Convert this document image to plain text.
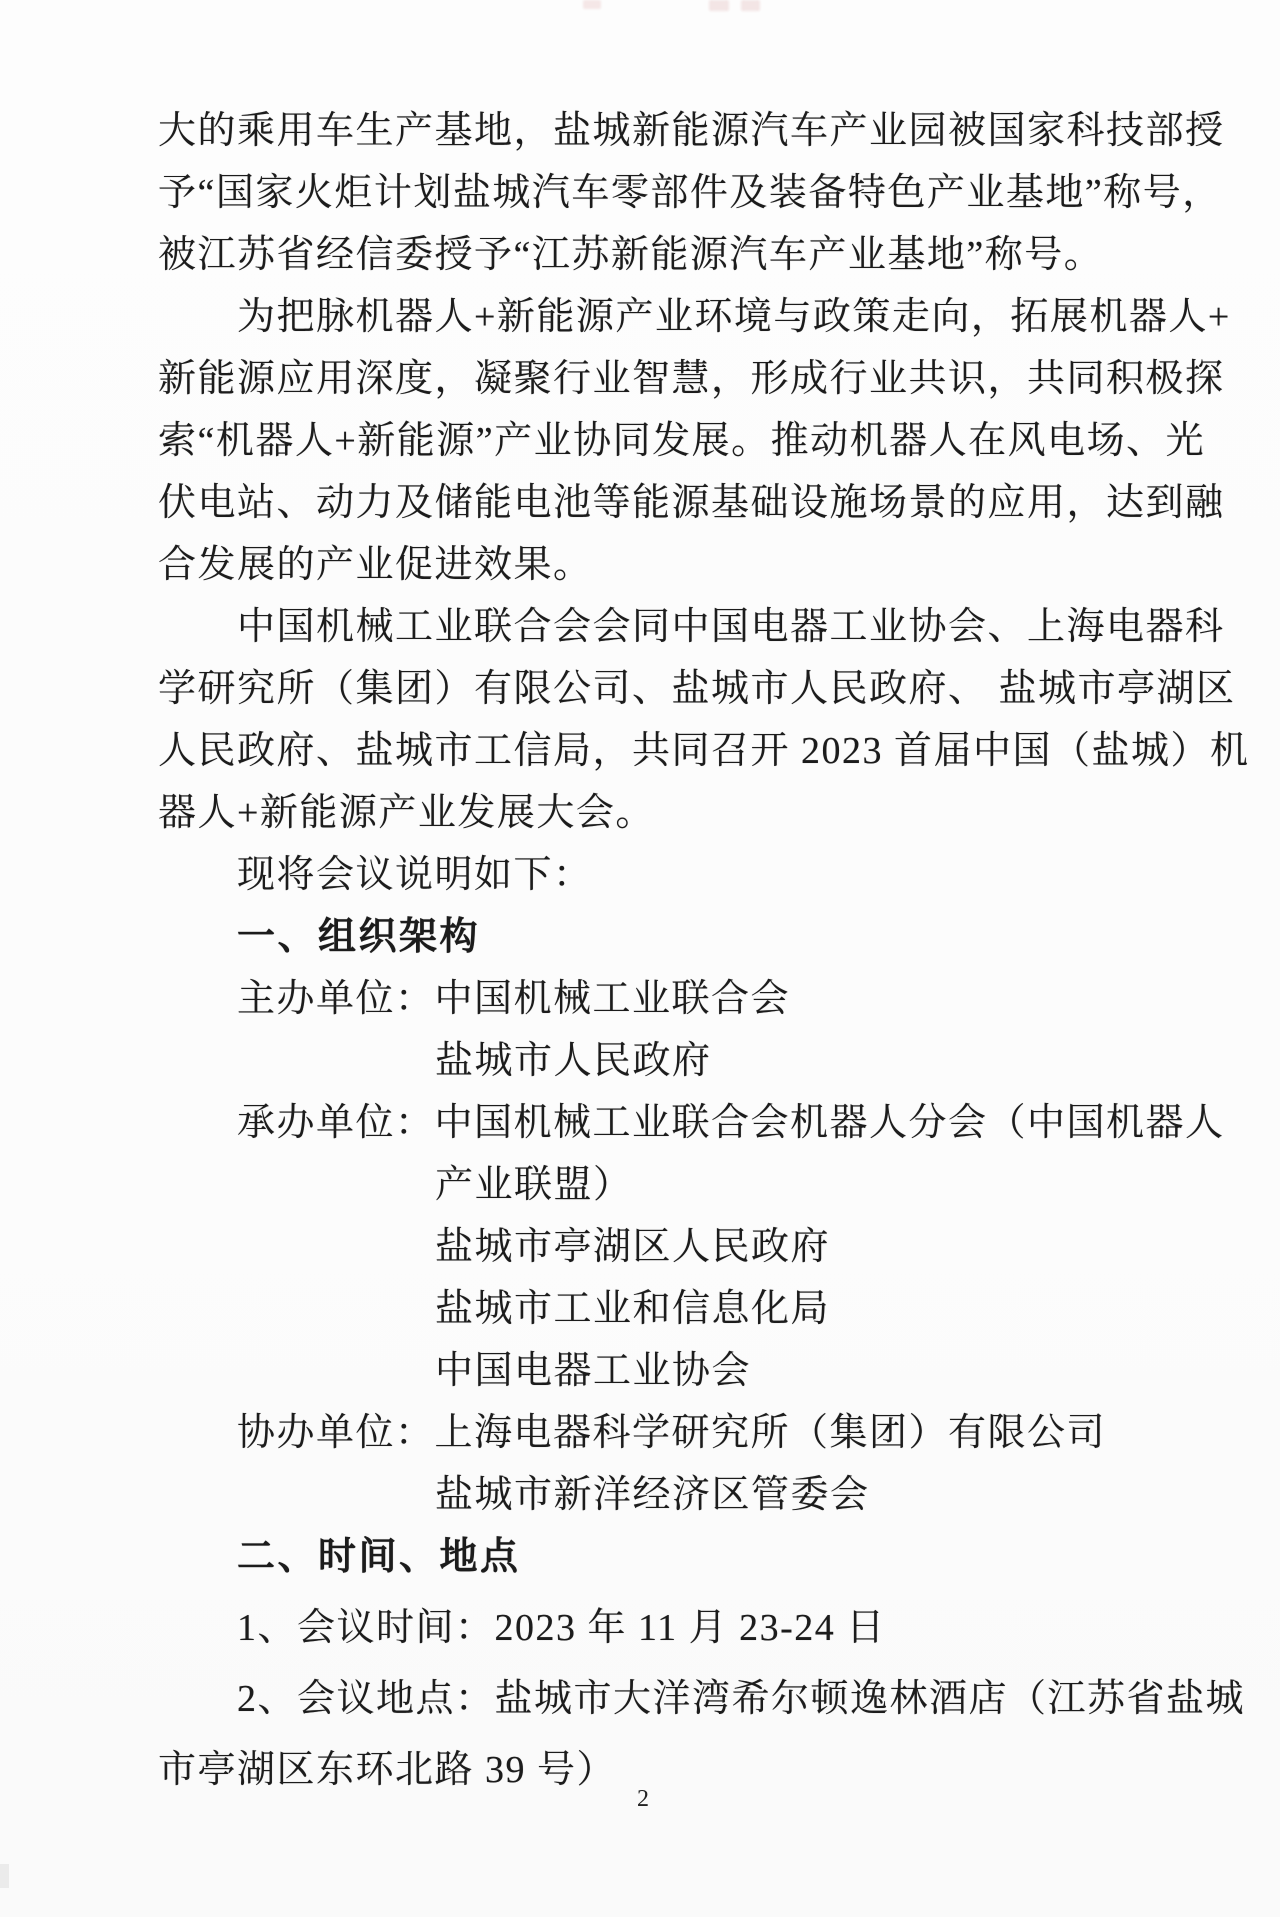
大的乘用车生产基地，盐城新能源汽车产业园被国家科技部授

予“国家火炬计划盐城汽车零部件及装备特色产业基地”称号，

被江苏省经信委授予“江苏新能源汽车产业基地”称号。

为把脉机器人+新能源产业环境与政策走向，拓展机器人+

新能源应用深度，凝聚行业智慧，形成行业共识，共同积极探

索“机器人+新能源”产业协同发展。推动机器人在风电场、光

伏电站、动力及储能电池等能源基础设施场景的应用，达到融

合发展的产业促进效果。

中国机械工业联合会会同中国电器工业协会、上海电器科

学研究所（集团）有限公司、盐城市人民政府、 盐城市亭湖区

人民政府、盐城市工信局，共同召开 2023 首届中国（盐城）机

器人+新能源产业发展大会。

现将会议说明如下：

一、组织架构

主办单位：中国机械工业联合会

盐城市人民政府

承办单位：中国机械工业联合会机器人分会（中国机器人

产业联盟）

盐城市亭湖区人民政府

盐城市工业和信息化局

中国电器工业协会

协办单位：上海电器科学研究所（集团）有限公司

盐城市新洋经济区管委会

二、时间、地点

1、会议时间：2023 年 11 月 23-24 日

2、会议地点：盐城市大洋湾希尔顿逸林酒店（江苏省盐城

市亭湖区东环北路 39 号）

2
